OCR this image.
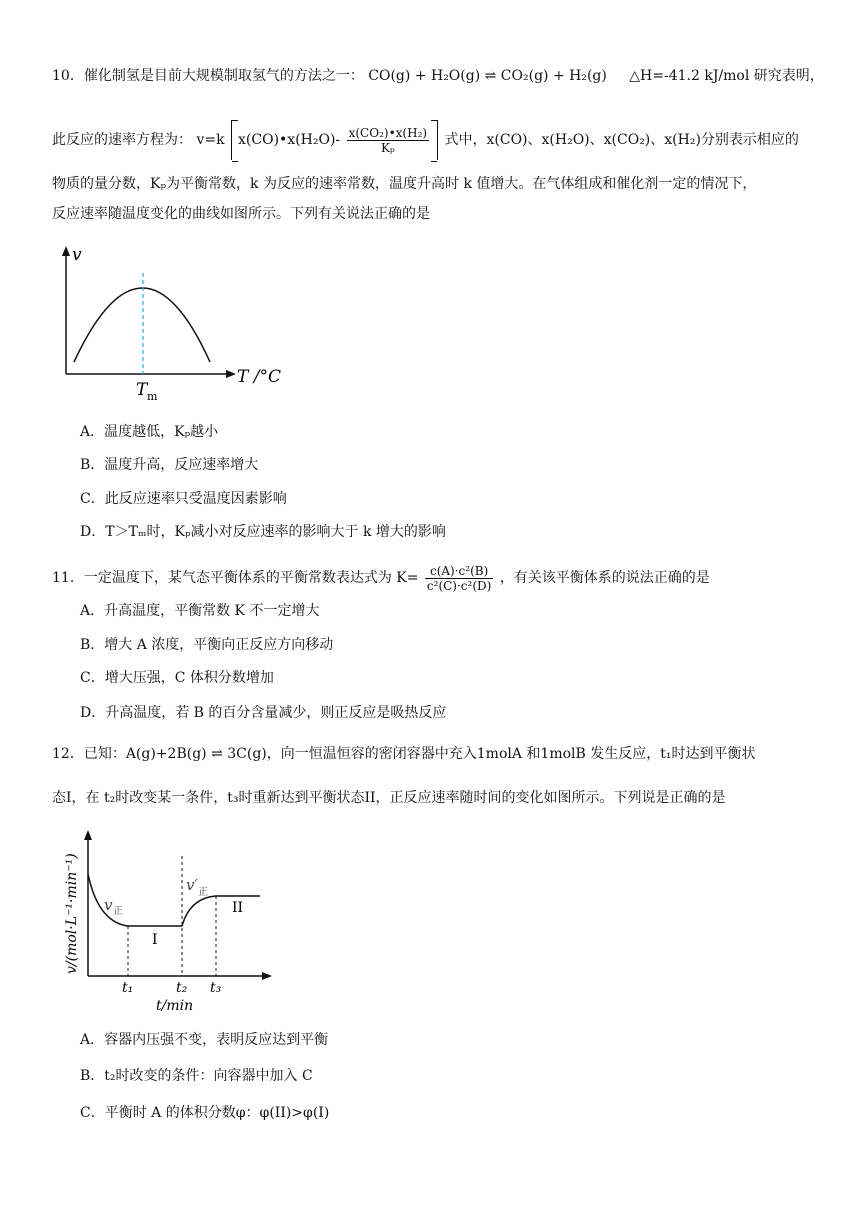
10．催化制氢是目前大规模制取氢气的方法之一： CO(g) + H₂O(g) ⇌ CO₂(g) + H₂(g) △H=-41.2 kJ/mol 研究表明，
此反应的速率方程为： v=k x(CO)•x(H₂O)- $\frac{\text{x(CO₂)•x(H₂)}}{\text{Kₚ}}$ 式中，x(CO)、x(H₂O)、x(CO₂)、x(H₂)分别表示相应的
物质的量分数，Kₚ为平衡常数，k 为反应的速率常数，温度升高时 k 值增大。在气体组成和催化剂一定的情况下，
反应速率随温度变化的曲线如图所示。下列有关说法正确的是
v
T /°C
T m
A．温度越低，Kₚ越小
B．温度升高，反应速率增大
C．此反应速率只受温度因素影响
D．T＞Tₘ时，Kₚ减小对反应速率的影响大于 k 增大的影响
11．一定温度下，某气态平衡体系的平衡常数表达式为 $K= \frac{\text{c(A)·c²(B)}}{\text{c²(C)·c²(D)}}$ ，有关该平衡体系的说法正确的是
A．升高温度，平衡常数 K 不一定增大
B．增大 A 浓度，平衡向正反应方向移动
C．增大压强，C 体积分数增加
D．升高温度，若 B 的百分含量减少，则正反应是吸热反应
12．已知：A(g)+2B(g) ⇌ 3C(g)，向一恒温恒容的密闭容器中充入1molA 和1molB 发生反应，t₁时达到平衡状
态I，在 t₂时改变某一条件，t₃时重新达到平衡状态II，正反应速率随时间的变化如图所示。下列说是正确的是
v/(mol·L⁻¹·min⁻¹)
t/min
v 正
v′ 正
I
II
t₁	t₂ t₃
A．容器内压强不变，表明反应达到平衡
B．t₂时改变的条件：向容器中加入 C
C．平衡时 A 的体积分数φ：φ(II)>φ(I)
